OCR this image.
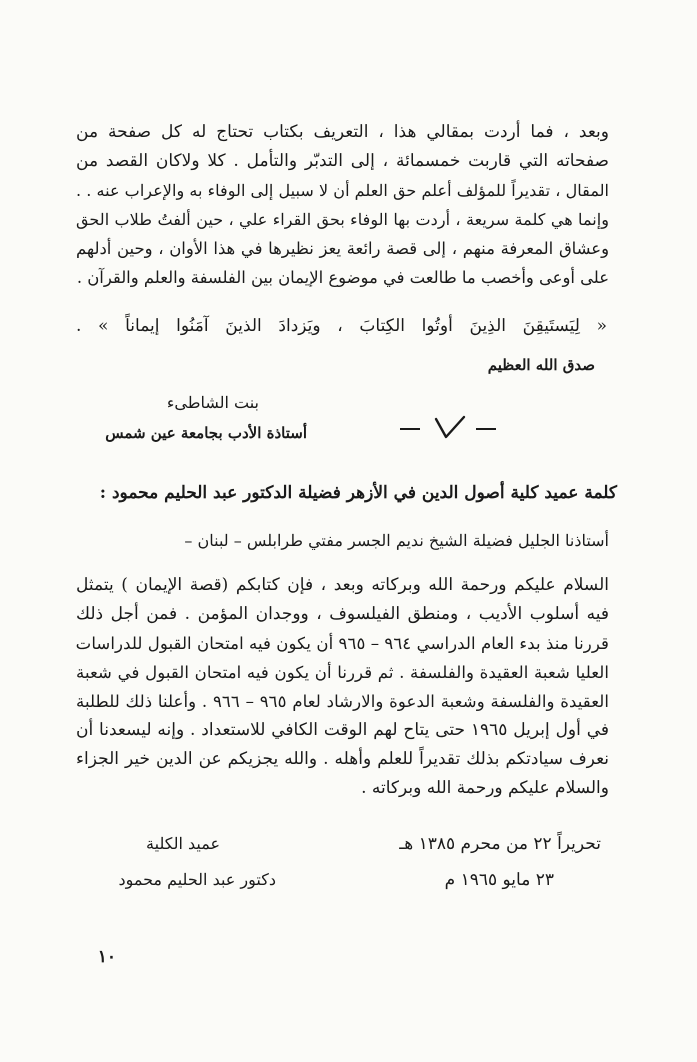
وبعد ، فما أردت بمقالي هذا ، التعريف بكتاب تحتاج له كل صفحة من
صفحاته التي قاربت خمسمائة ، إلى التدبّر والتأمل . كلا ولاكان القصد من
المقال ، تقديراً للمؤلف أعلم حق العلم أن لا سبيل إلى الوفاء به والإعراب عنه . .
وإنما هي كلمة سريعة ، أردت بها الوفاء بحق القراء علي ، حين ألفتُ طلاب الحق
وعشاق المعرفة منهم ، إلى قصة رائعة يعز نظيرها في هذا الأوان ، وحين أدلهم
على أوعى وأخصب ما طالعت في موضوع الإيمان بين الفلسفة والعلم والقرآن .
« لِيَستَيقِنَ الذِينَ أوتُوا الكِتابَ ، ويَزدادَ الذينَ آمَنُوا إيماناً » .
صدق الله العظيم
بنت الشاطىء
أستاذة الأدب بجامعة عين شمس
كلمة عميد كلية أصول الدين في الأزهر فضيلة الدكتور عبد الحليم محمود :
أستاذنا الجليل فضيلة الشيخ نديم الجسر مفتي طرابلس – لبنان –
السلام عليكم ورحمة الله وبركاته وبعد ، فإن كتابكم (قصة الإيمان ) يتمثل
فيه أسلوب الأديب ، ومنطق الفيلسوف ، ووجدان المؤمن . فمن أجل ذلك
قررنا منذ بدء العام الدراسي ٩٦٤ – ٩٦٥ أن يكون فيه امتحان القبول للدراسات
العليا شعبة العقيدة والفلسفة . ثم قررنا أن يكون فيه امتحان القبول في شعبة
العقيدة والفلسفة وشعبة الدعوة والارشاد لعام ٩٦٥ – ٩٦٦ . وأعلنا ذلك للطلبة
في أول إبريل ١٩٦٥ حتى يتاح لهم الوقت الكافي للاستعداد . وإنه ليسعدنا أن
نعرف سيادتكم بذلك تقديراً للعلم وأهله . والله يجزيكم عن الدين خير الجزاء
والسلام عليكم ورحمة الله وبركاته .
تحريراً ٢٢ من محرم ١٣٨٥ هـ
٢٣ مايو ١٩٦٥ م
عميد الكلية
دكتور عبد الحليم محمود
١٠
